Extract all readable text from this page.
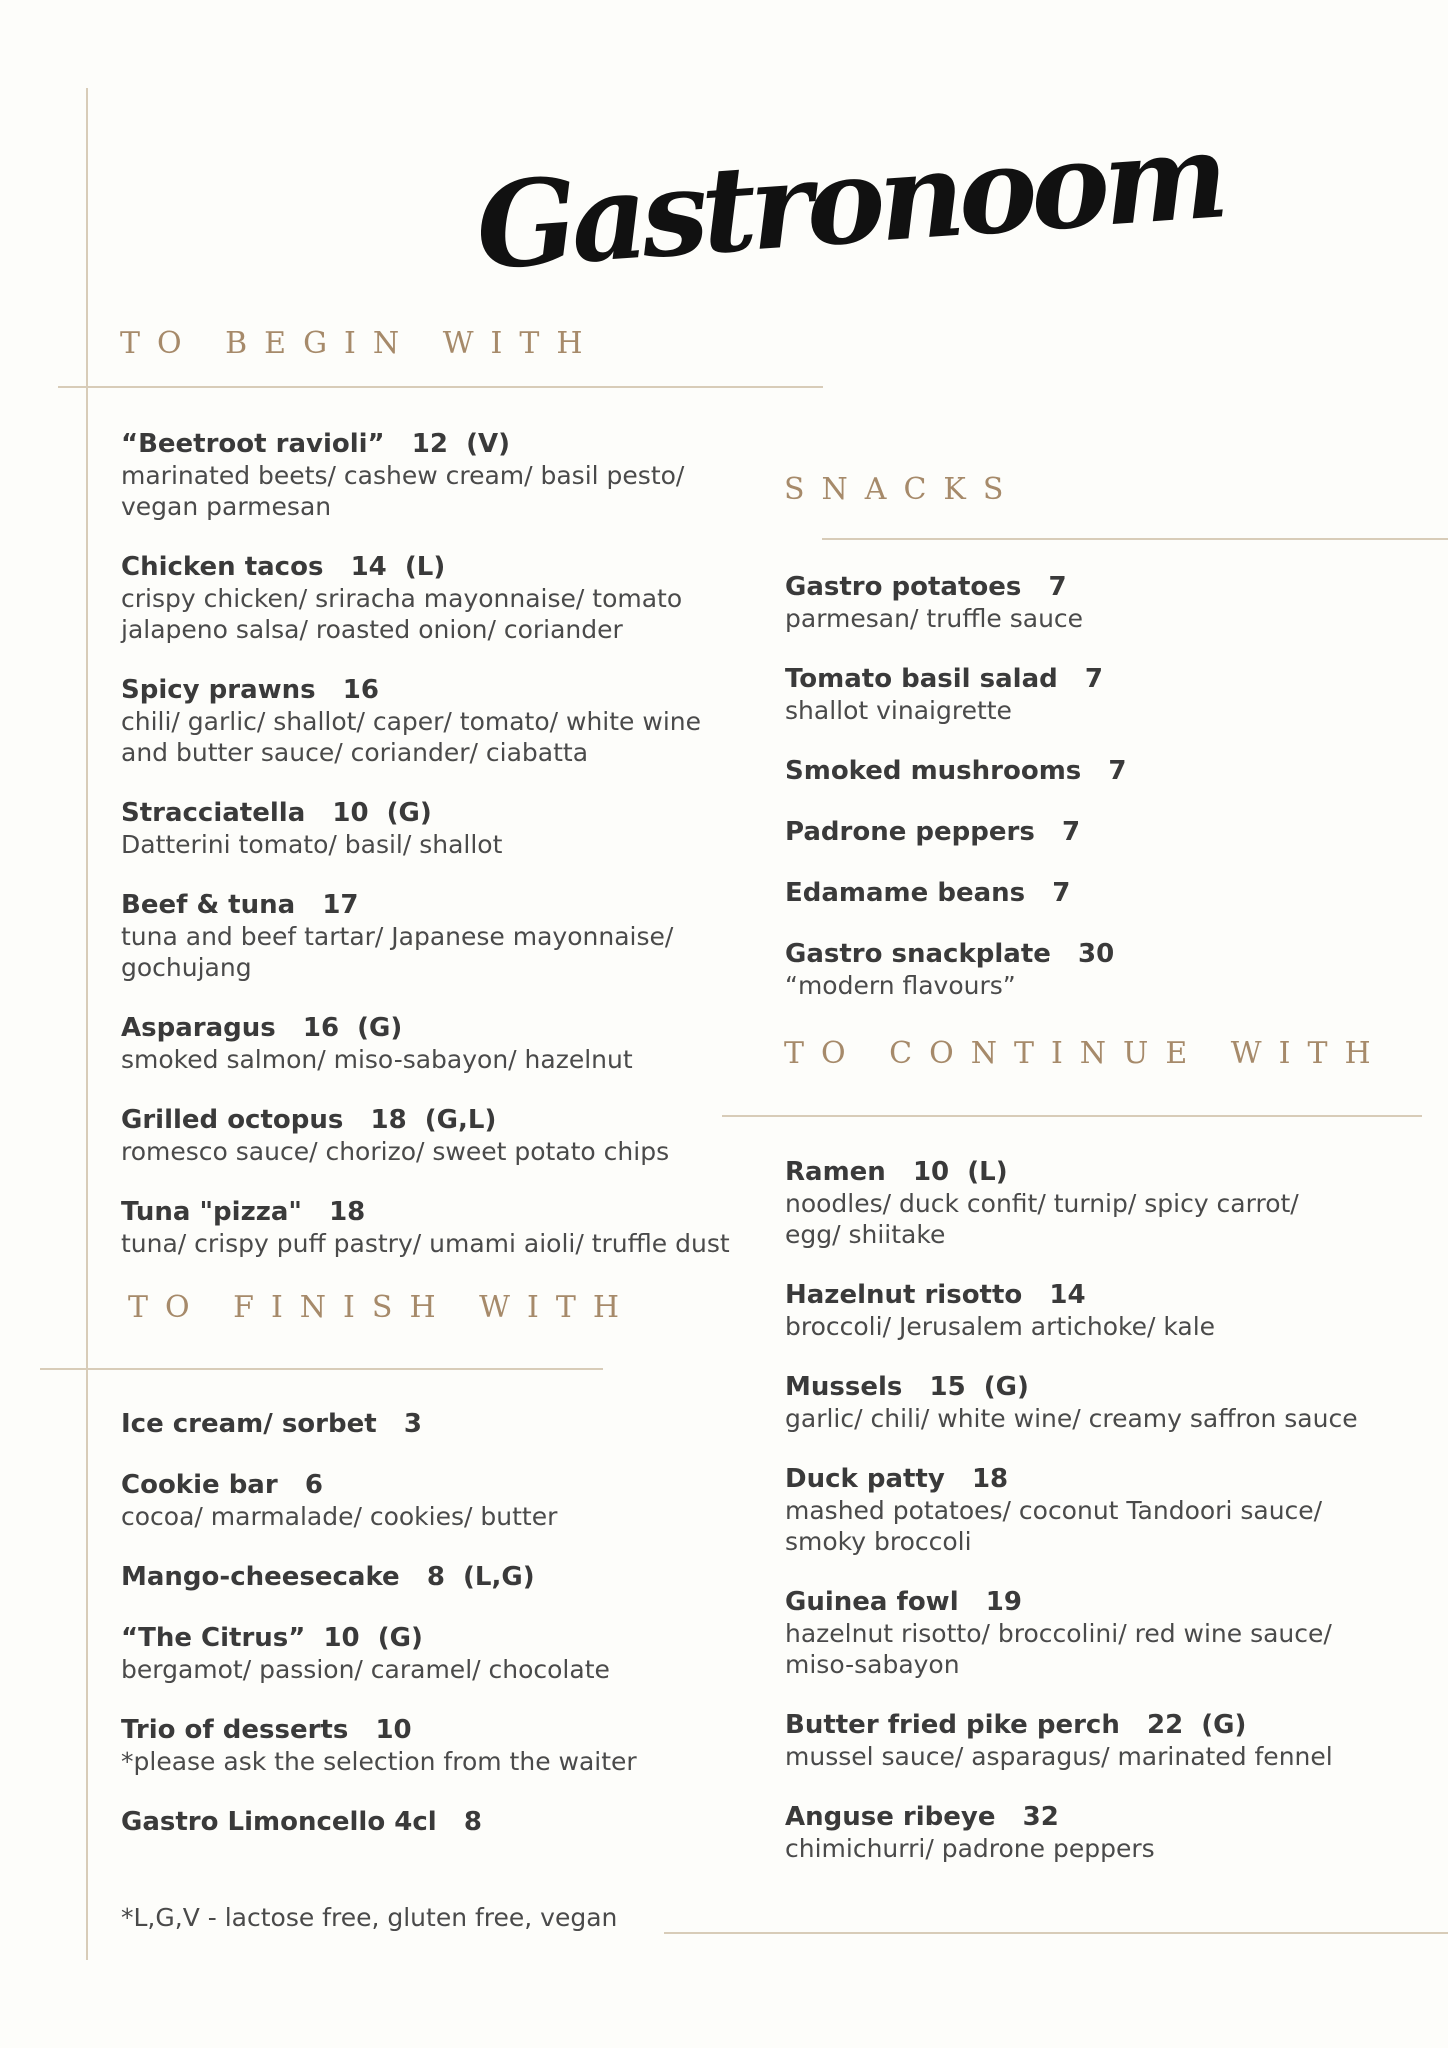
Gastronoom
TO BEGIN WITH
SNACKS
TO CONTINUE WITH
TO FINISH WITH
“Beetroot ravioli”   12  (V)
marinated beets/ cashew cream/ basil pesto/ vegan parmesan
Chicken tacos   14  (L)
crispy chicken/ sriracha mayonnaise/ tomato jalapeno salsa/ roasted onion/ coriander
Spicy prawns   16
chili/ garlic/ shallot/ caper/ tomato/ white wine and butter sauce/ coriander/ ciabatta
Stracciatella   10  (G)
Datterini tomato/ basil/ shallot
Beef & tuna   17
tuna and beef tartar/ Japanese mayonnaise/ gochujang
Asparagus   16  (G)
smoked salmon/ miso-sabayon/ hazelnut
Grilled octopus   18  (G,L)
romesco sauce/ chorizo/ sweet potato chips
Tuna "pizza"   18
tuna/ crispy puff pastry/ umami aioli/ truffle dust
Ice cream/ sorbet   3
Cookie bar   6
cocoa/ marmalade/ cookies/ butter
Mango-cheesecake   8  (L,G)
“The Citrus”  10  (G)
bergamot/ passion/ caramel/ chocolate
Trio of desserts   10
*please ask the selection from the waiter
Gastro Limoncello 4cl   8
Gastro potatoes   7
parmesan/ truffle sauce
Tomato basil salad   7
shallot vinaigrette
Smoked mushrooms   7
Padrone peppers   7
Edamame beans   7
Gastro snackplate   30
“modern flavours”
Ramen   10  (L)
noodles/ duck confit/ turnip/ spicy carrot/ egg/ shiitake
Hazelnut risotto   14
broccoli/ Jerusalem artichoke/ kale
Mussels   15  (G)
garlic/ chili/ white wine/ creamy saffron sauce
Duck patty   18
mashed potatoes/ coconut Tandoori sauce/ smoky broccoli
Guinea fowl   19
hazelnut risotto/ broccolini/ red wine sauce/ miso-sabayon
Butter fried pike perch   22  (G)
mussel sauce/ asparagus/ marinated fennel
Anguse ribeye   32
chimichurri/ padrone peppers
*L,G,V - lactose free, gluten free, vegan
